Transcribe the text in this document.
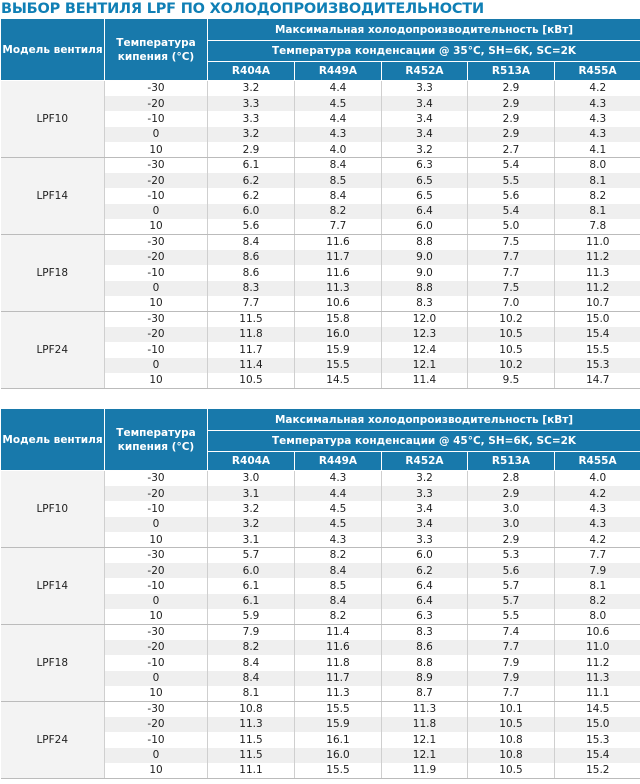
ВЫБОР ВЕНТИЛЯ LPF ПО ХОЛОДОПРОИЗВОДИТЕЛЬНОСТИ
Модель вентиля	Температура кипения (°C)	Максимальная холодопроизводительность [кВт]				
		Температура конденсации @ 35°C, SH=6K, SC=2K				
		R404A	R449A	R452A	R513A	R455A
LPF10	-30	3.2	4.4	3.3	2.9	4.2
	-20	3.3	4.5	3.4	2.9	4.3
	-10	3.3	4.4	3.4	2.9	4.3
	0	3.2	4.3	3.4	2.9	4.3
	10	2.9	4.0	3.2	2.7	4.1
LPF14	-30	6.1	8.4	6.3	5.4	8.0
	-20	6.2	8.5	6.5	5.5	8.1
	-10	6.2	8.4	6.5	5.6	8.2
	0	6.0	8.2	6.4	5.4	8.1
	10	5.6	7.7	6.0	5.0	7.8
LPF18	-30	8.4	11.6	8.8	7.5	11.0
	-20	8.6	11.7	9.0	7.7	11.2
	-10	8.6	11.6	9.0	7.7	11.3
	0	8.3	11.3	8.8	7.5	11.2
	10	7.7	10.6	8.3	7.0	10.7
LPF24	-30	11.5	15.8	12.0	10.2	15.0
	-20	11.8	16.0	12.3	10.5	15.4
	-10	11.7	15.9	12.4	10.5	15.5
	0	11.4	15.5	12.1	10.2	15.3
	10	10.5	14.5	11.4	9.5	14.7
Модель вентиля	Температура кипения (°C)	Максимальная холодопроизводительность [кВт]				
		Температура конденсации @ 45°C, SH=6K, SC=2K				
		R404A	R449A	R452A	R513A	R455A
LPF10	-30	3.0	4.3	3.2	2.8	4.0
	-20	3.1	4.4	3.3	2.9	4.2
	-10	3.2	4.5	3.4	3.0	4.3
	0	3.2	4.5	3.4	3.0	4.3
	10	3.1	4.3	3.3	2.9	4.2
LPF14	-30	5.7	8.2	6.0	5.3	7.7
	-20	6.0	8.4	6.2	5.6	7.9
	-10	6.1	8.5	6.4	5.7	8.1
	0	6.1	8.4	6.4	5.7	8.2
	10	5.9	8.2	6.3	5.5	8.0
LPF18	-30	7.9	11.4	8.3	7.4	10.6
	-20	8.2	11.6	8.6	7.7	11.0
	-10	8.4	11.8	8.8	7.9	11.2
	0	8.4	11.7	8.9	7.9	11.3
	10	8.1	11.3	8.7	7.7	11.1
LPF24	-30	10.8	15.5	11.3	10.1	14.5
	-20	11.3	15.9	11.8	10.5	15.0
	-10	11.5	16.1	12.1	10.8	15.3
	0	11.5	16.0	12.1	10.8	15.4
	10	11.1	15.5	11.9	10.5	15.2
